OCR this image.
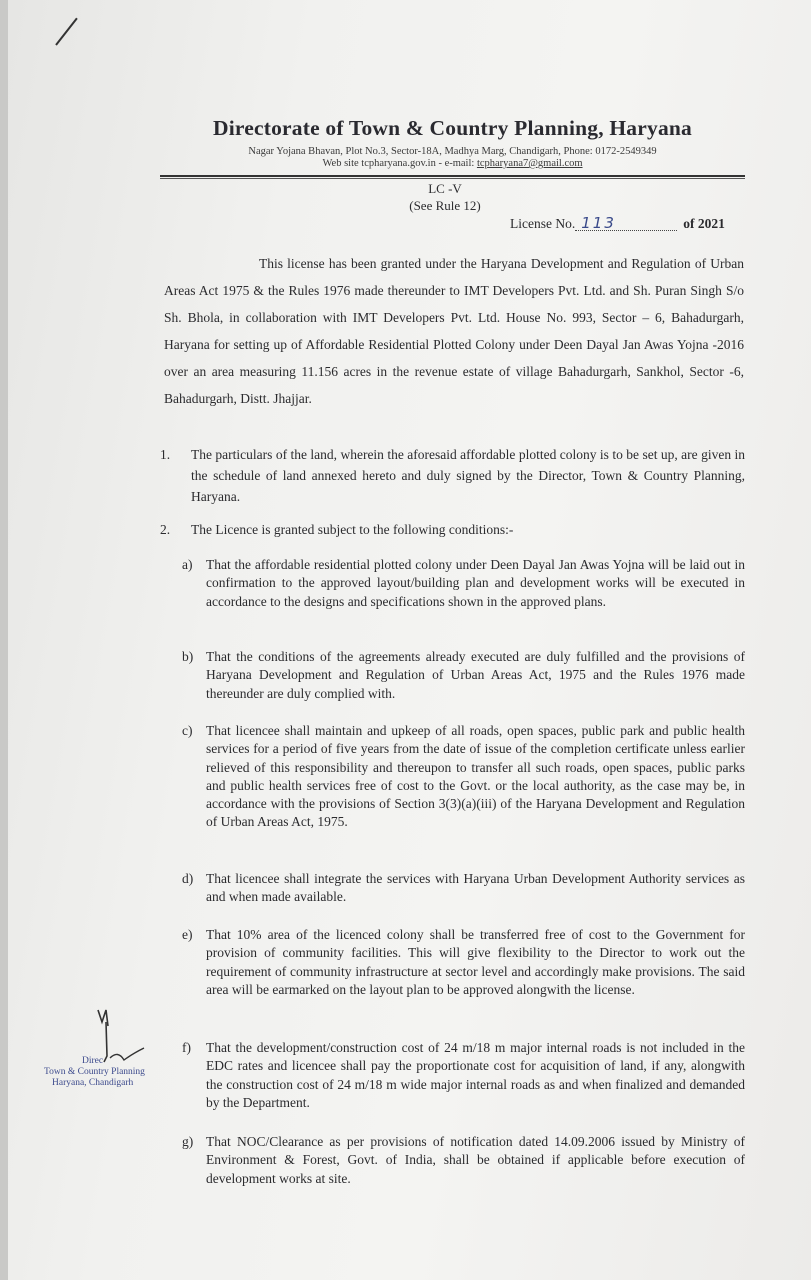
Directorate of Town & Country Planning, Haryana
Nagar Yojana Bhavan, Plot No.3, Sector-18A, Madhya Marg, Chandigarh, Phone: 0172-2549349
Web site tcpharyana.gov.in - e-mail: tcpharyana7@gmail.com
LC -V
(See Rule 12)
License No. 113	of 2021

This license has been granted under the Haryana Development and Regulation of Urban Areas Act 1975 & the Rules 1976 made thereunder to IMT Developers Pvt. Ltd. and Sh. Puran Singh S/o Sh. Bhola, in collaboration with IMT Developers Pvt. Ltd. House No. 993, Sector – 6, Bahadurgarh, Haryana for setting up of Affordable Residential Plotted Colony under Deen Dayal Jan Awas Yojna -2016 over an area measuring 11.156 acres in the revenue estate of village Bahadurgarh, Sankhol, Sector -6, Bahadurgarh, Distt. Jhajjar.

1. The particulars of the land, wherein the aforesaid affordable plotted colony is to be set up, are given in the schedule of land annexed hereto and duly signed by the Director, Town & Country Planning, Haryana.
2. The Licence is granted subject to the following conditions:-
a) That the affordable residential plotted colony under Deen Dayal Jan Awas Yojna will be laid out in confirmation to the approved layout/building plan and development works will be executed in accordance to the designs and specifications shown in the approved plans.
b) That the conditions of the agreements already executed are duly fulfilled and the provisions of Haryana Development and Regulation of Urban Areas Act, 1975 and the Rules 1976 made thereunder are duly complied with.
c) That licencee shall maintain and upkeep of all roads, open spaces, public park and public health services for a period of five years from the date of issue of the completion certificate unless earlier relieved of this responsibility and thereupon to transfer all such roads, open spaces, public parks and public health services free of cost to the Govt. or the local authority, as the case may be, in accordance with the provisions of Section 3(3)(a)(iii) of the Haryana Development and Regulation of Urban Areas Act, 1975.
d) That licencee shall integrate the services with Haryana Urban Development Authority services as and when made available.
e) That 10% area of the licenced colony shall be transferred free of cost to the Government for provision of community facilities. This will give flexibility to the Director to work out the requirement of community infrastructure at sector level and accordingly make provisions. The said area will be earmarked on the layout plan to be approved alongwith the license.
f) That the development/construction cost of 24 m/18 m major internal roads is not included in the EDC rates and licencee shall pay the proportionate cost for acquisition of land, if any, alongwith the construction cost of 24 m/18 m wide major internal roads as and when finalized and demanded by the Department.
g) That NOC/Clearance as per provisions of notification dated 14.09.2006 issued by Ministry of Environment & Forest, Govt. of India, shall be obtained if applicable before execution of development works at site.
Direc
Town & Country Planning
Haryana, Chandigarh
